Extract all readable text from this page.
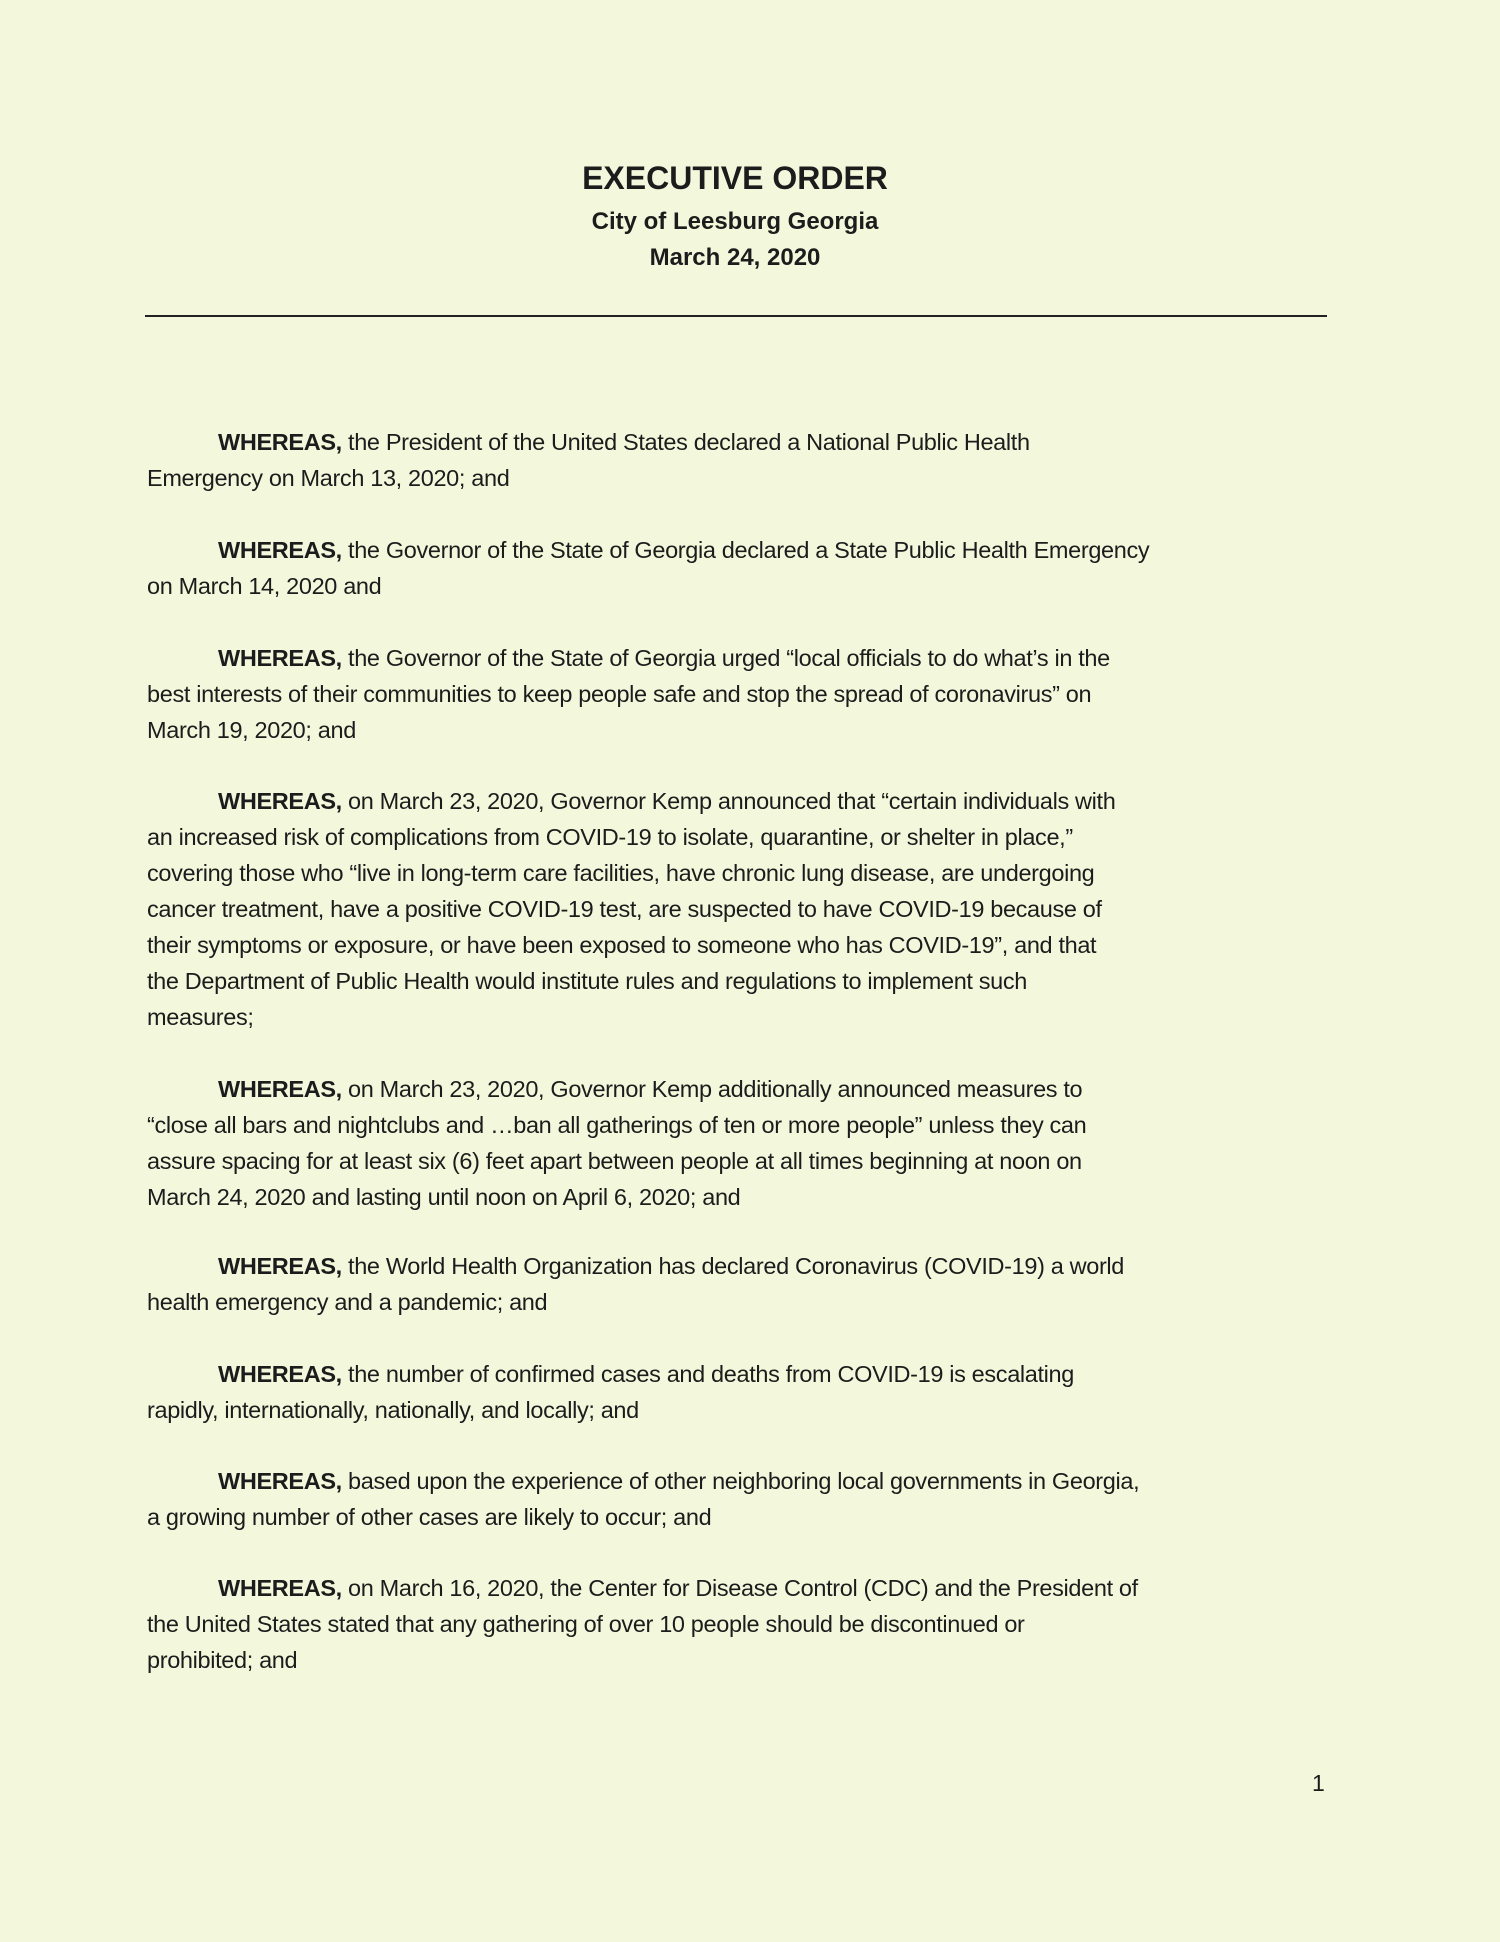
EXECUTIVE ORDER
City of Leesburg Georgia
March 24, 2020
WHEREAS, the President of the United States declared a National Public Health
Emergency on March 13, 2020; and
WHEREAS, the Governor of the State of Georgia declared a State Public Health Emergency
on March 14, 2020 and
WHEREAS, the Governor of the State of Georgia urged “local officials to do what’s in the
best interests of their communities to keep people safe and stop the spread of coronavirus” on
March 19, 2020; and
WHEREAS, on March 23, 2020, Governor Kemp announced that “certain individuals with
an increased risk of complications from COVID-19 to isolate, quarantine, or shelter in place,”
covering those who “live in long-term care facilities, have chronic lung disease, are undergoing
cancer treatment, have a positive COVID-19 test, are suspected to have COVID-19 because of
their symptoms or exposure, or have been exposed to someone who has COVID-19”, and that
the Department of Public Health would institute rules and regulations to implement such
measures;
WHEREAS, on March 23, 2020, Governor Kemp additionally announced measures to
“close all bars and nightclubs and …ban all gatherings of ten or more people” unless they can
assure spacing for at least six (6) feet apart between people at all times beginning at noon on
March 24, 2020 and lasting until noon on April 6, 2020; and
WHEREAS, the World Health Organization has declared Coronavirus (COVID-19) a world
health emergency and a pandemic; and
WHEREAS, the number of confirmed cases and deaths from COVID-19 is escalating
rapidly, internationally, nationally, and locally; and
WHEREAS, based upon the experience of other neighboring local governments in Georgia,
a growing number of other cases are likely to occur; and
WHEREAS, on March 16, 2020, the Center for Disease Control (CDC) and the President of
the United States stated that any gathering of over 10 people should be discontinued or
prohibited; and
1
